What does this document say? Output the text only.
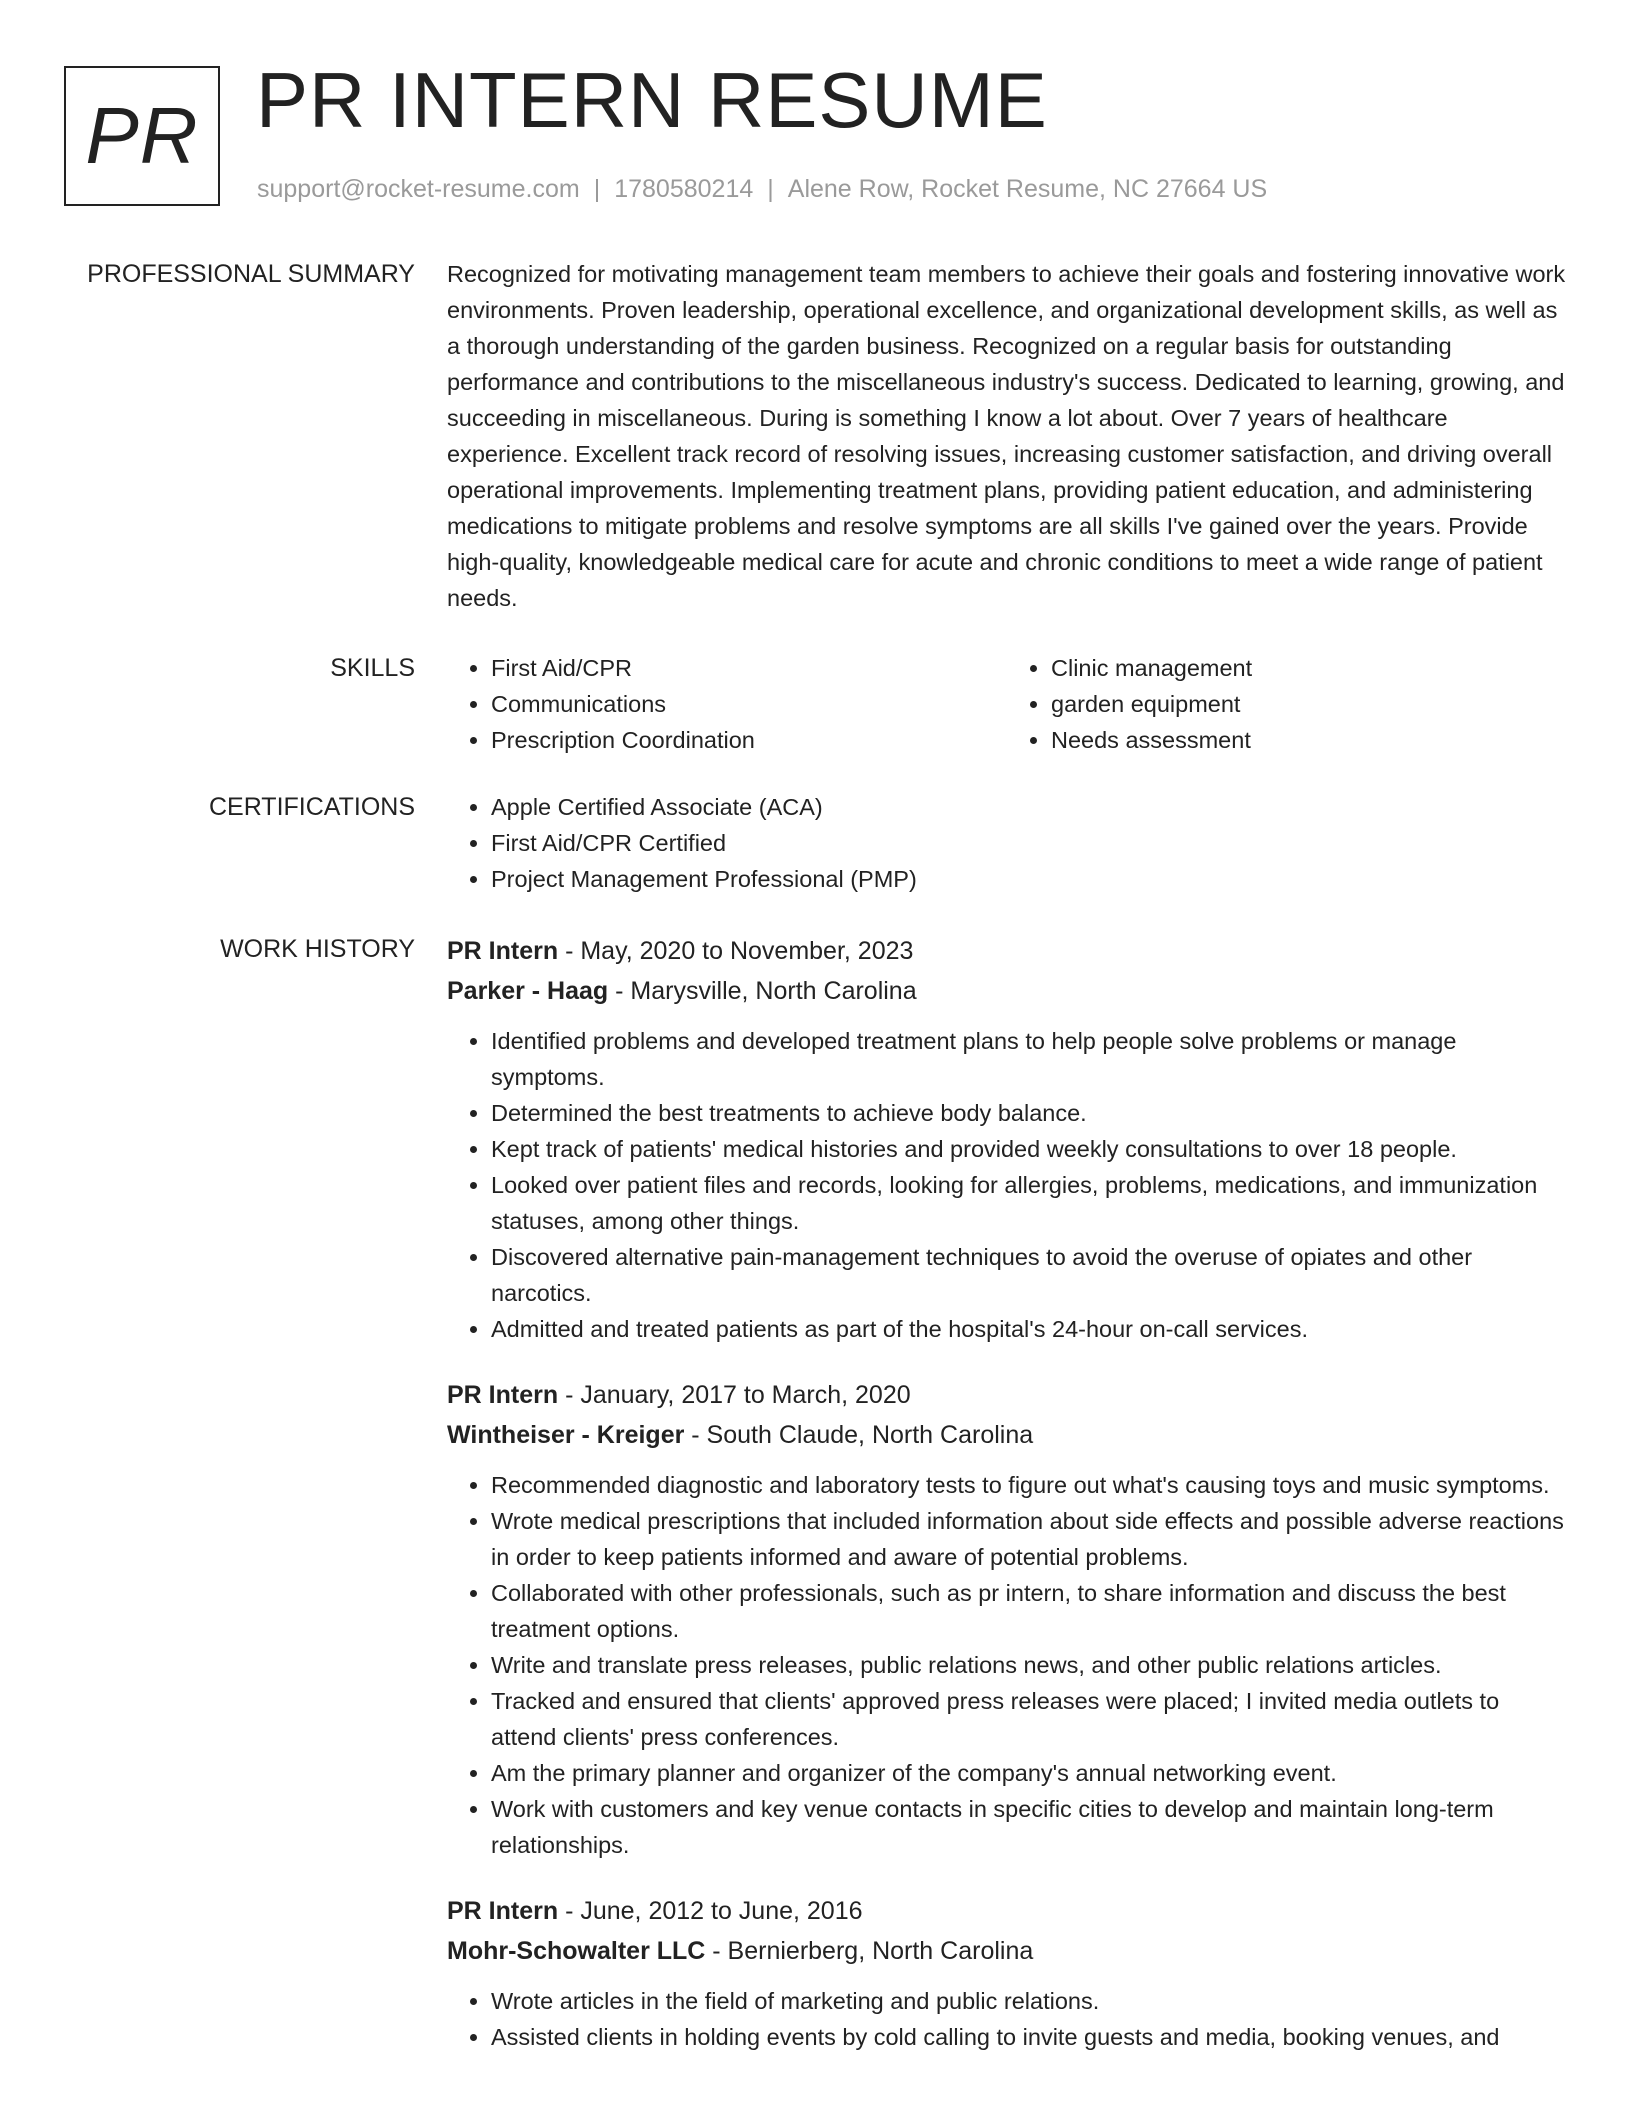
PR PR INTERN RESUME
support@rocket-resume.com | 1780580214 | Alene Row, Rocket Resume, NC 27664 US
PROFESSIONAL SUMMARY Recognized for motivating management team members to achieve their goals and fostering innovative work environments. Proven leadership, operational excellence, and organizational development skills, as well as a thorough understanding of the garden business. Recognized on a regular basis for outstanding performance and contributions to the miscellaneous industry's success. Dedicated to learning, growing, and succeeding in miscellaneous. During is something I know a lot about. Over 7 years of healthcare experience. Excellent track record of resolving issues, increasing customer satisfaction, and driving overall operational improvements. Implementing treatment plans, providing patient education, and administering medications to mitigate problems and resolve symptoms are all skills I've gained over the years. Provide high-quality, knowledgeable medical care for acute and chronic conditions to meet a wide range of patient needs.
SKILLS	• First Aid/CPR
• Communications
• Prescription Coordination
• Clinic management
• garden equipment
• Needs assessment
CERTIFICATIONS	• Apple Certified Associate (ACA)
• First Aid/CPR Certified
• Project Management Professional (PMP)
WORK HISTORY PR Intern - May, 2020 to November, 2023
Parker - Haag - Marysville, North Carolina
• Identified problems and developed treatment plans to help people solve problems or manage symptoms.
• Determined the best treatments to achieve body balance.
• Kept track of patients' medical histories and provided weekly consultations to over 18 people.
• Looked over patient files and records, looking for allergies, problems, medications, and immunization statuses, among other things.
• Discovered alternative pain-management techniques to avoid the overuse of opiates and other narcotics.
• Admitted and treated patients as part of the hospital's 24-hour on-call services.
PR Intern - January, 2017 to March, 2020
Wintheiser - Kreiger - South Claude, North Carolina
• Recommended diagnostic and laboratory tests to figure out what's causing toys and music symptoms.
• Wrote medical prescriptions that included information about side effects and possible adverse reactions in order to keep patients informed and aware of potential problems.
• Collaborated with other professionals, such as pr intern, to share information and discuss the best treatment options.
• Write and translate press releases, public relations news, and other public relations articles.
• Tracked and ensured that clients' approved press releases were placed; I invited media outlets to attend clients' press conferences.
• Am the primary planner and organizer of the company's annual networking event.
• Work with customers and key venue contacts in specific cities to develop and maintain long-term relationships.
PR Intern - June, 2012 to June, 2016
Mohr-Schowalter LLC - Bernierberg, North Carolina
• Wrote articles in the field of marketing and public relations.
• Assisted clients in holding events by cold calling to invite guests and media, booking venues, and
